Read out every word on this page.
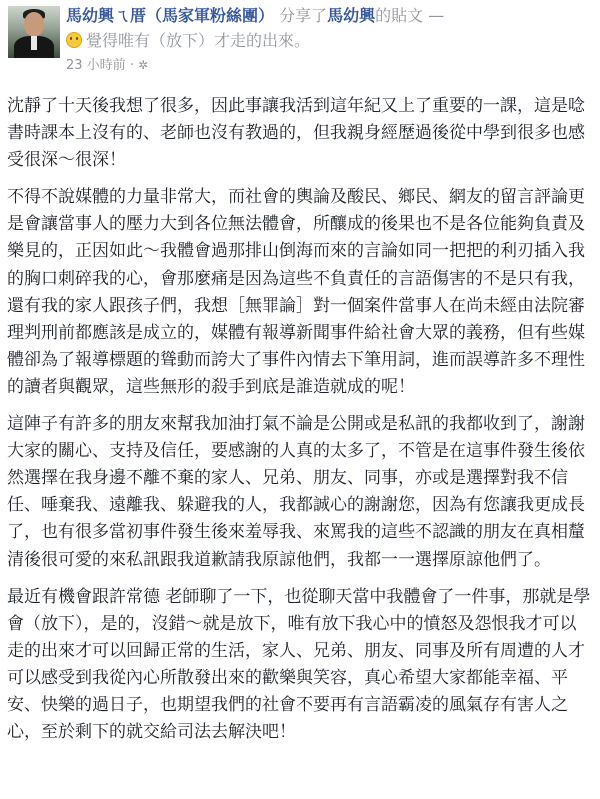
馬幼興ㄟ厝（馬家軍粉絲團） 分享了馬幼興的貼文 —
覺得唯有（放下）才走的出來。
23 小時前 · ✲

沈靜了十天後我想了很多，因此事讓我活到這年紀又上了重要的一課，這是唸書時課本上沒有的、老師也沒有教過的，但我親身經歷過後從中學到很多也感受很深～很深！

不得不說媒體的力量非常大，而社會的輿論及酸民、鄉民、網友的留言評論更是會讓當事人的壓力大到各位無法體會，所釀成的後果也不是各位能夠負責及樂見的，正因如此～我體會過那排山倒海而來的言論如同一把把的利刃插入我的胸口刺碎我的心，會那麼痛是因為這些不負責任的言語傷害的不是只有我，還有我的家人跟孩子們，我想［無罪論］對一個案件當事人在尚未經由法院審理判刑前都應該是成立的，媒體有報導新聞事件給社會大眾的義務，但有些媒體卻為了報導標題的聳動而誇大了事件內情去下筆用詞，進而誤導許多不理性的讀者與觀眾，這些無形的殺手到底是誰造就成的呢！

這陣子有許多的朋友來幫我加油打氣不論是公開或是私訊的我都收到了，謝謝大家的關心、支持及信任，要感謝的人真的太多了，不管是在這事件發生後依然選擇在我身邊不離不棄的家人、兄弟、朋友、同事，亦或是選擇對我不信任、唾棄我、遠離我、躲避我的人，我都誠心的謝謝您，因為有您讓我更成長了，也有很多當初事件發生後來羞辱我、來罵我的這些不認識的朋友在真相釐清後很可愛的來私訊跟我道歉請我原諒他們，我都一一選擇原諒他們了。

最近有機會跟許常德 老師聊了一下，也從聊天當中我體會了一件事，那就是學會（放下），是的，沒錯～就是放下，唯有放下我心中的憤怒及怨恨我才可以走的出來才可以回歸正常的生活，家人、兄弟、朋友、同事及所有周遭的人才可以感受到我從內心所散發出來的歡樂與笑容，真心希望大家都能幸福、平安、快樂的過日子，也期望我們的社會不要再有言語霸凌的風氣存有害人之心，至於剩下的就交給司法去解決吧！
